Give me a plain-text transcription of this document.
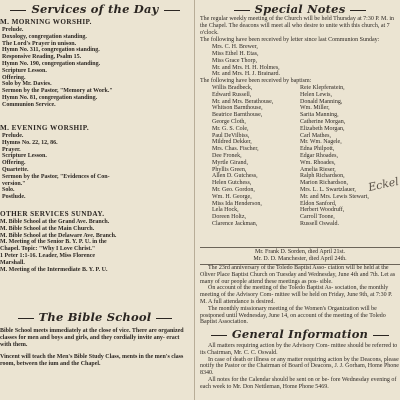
Services of the Day
M. MORNING WORSHIP.
Prelude.
Doxology, congregation standing.
The Lord's Prayer in unison.
Hymn No. 311, congregation standing.
Responsive Reading, Psalm 15.
Hymn No. 190, congregation standing.
Scripture Lesson.
Offering.
Solo by Mr. Davies.
Sermon by the Pastor, "Memory at Work."
Hymn No. 81, congregation standing.
Communion Service.
M. EVENING WORSHIP.
Prelude.
Hymns No. 22, 12, 86.
Prayer.
Scripture Lesson.
Offering.
Quartette.
Sermon by the Pastor, "Evidences of Con-
version."
Solo.
Postlude.
OTHER SERVICES SUNDAY.
M. Bible School at the Grand Ave. Branch.
M. Bible School at the Main Church.
M. Bible School at the Delaware Ave. Branch.
M. Meeting of the Senior B. Y. P. U. in the
Chapel. Topic: "Why I Love Christ."
1 Peter 1:1-16. Leader, Miss Florence
Marshall.
M. Meeting of the Intermediate B. Y. P. U.
The Bible School
Bible School meets immediately at the close of vice. There are organized classes for men and boys and girls, and they cordially invite any- eract with them.
Vincent will teach the Men's Bible Study Class, ments in the men's class room, between the ium and the Chapel.
Special Notes
The regular weekly meeting of the Church will be held Thursday at 7:30 P. M. in the Chapel. The deacons will meet all who desire to unite with this church, at 7 o'clock.
The following have been received by letter since last Communion Sunday:
Mrs. C. H. Brewer,
Miss Ethel H. Etas,
Miss Grace Thorp,
Mr. and Mrs. H. H. Holmes,
Mr. and Mrs. H. J. Brainard.
The following have been received by baptism:
Willis Bradbeck,
Edward Russell,
Mr. and Mrs. Berathouse,
Whitson Barnthouse,
Beatrice Barnthouse,
George Cloth,
Mr. G. S. Cole,
Paul DeVilbiss,
Mildred Dekker,
Mrs. Chas. Fischer,
Dee Fronek,
Myrtle Girand,
Phyllis Green,
Allen D. Gutchess,
Helen Gutchess,
Mr. Geo. Gordon,
Wm. H. George,
Miss Ida Henderson,
Lela Hock,
Doreen Holtz,
Clarence Jackman,
Reie Klepfenstein,
Helen Lewis,
Donald Manning,
Wm. Miller,
Sarita Manning,
Catherine Morgan,
Elizabeth Morgan,
Carl Mathes,
Mr. Wm. Nagele,
Edna Philpott,
Edgar Rhoades,
Wm. Rhoades,
Amelia Rieser,
Ralph Richardson,
Marion Richardson,
Mrs. L. L. Swartzlauer,
Mr. and Mrs. Lewis Stewart,
Eldon Sanford,
Herbert Woodruff,
Carroll Toone,
Russell Oswald.
Eckel
Mr. Frank D. Sorden, died April 21st.
Mr. D. D. Manchester, died April 24th.
The 23rd anniversary of the Toledo Baptist Asso- ciation will be held at the Oliver Place Baptist Church on Tuesday and Wednesday, June 4th and 7th. Let as many of our people attend these meetings as pos- sible.
On account of the meeting of the Toledo Baptist As- sociation, the monthly meeting of the Advisory Com- mittee will be held on Friday, June 9th, at 7:30 P. M. A full attendance is desired.
The monthly missionary meeting of the Women's Organization will be postponed until Wednesday, June 14, on account of the meeting of the Toledo Baptist Association.
General Information
All matters requiring action by the Advisory Com- mittee should be referred to its Chairman, Mr. C. C. Oswald.
In case of death or illness or any matter requiring action by the Deacons, please notify the Pastor or the Chairman of Board of Deacons, J. J. Gorham, Home Phone 8340.
All notes for the Calendar should be sent on or be- fore Wednesday evening of each week to Mr. Don Nettleman, Home Phone 5469.
